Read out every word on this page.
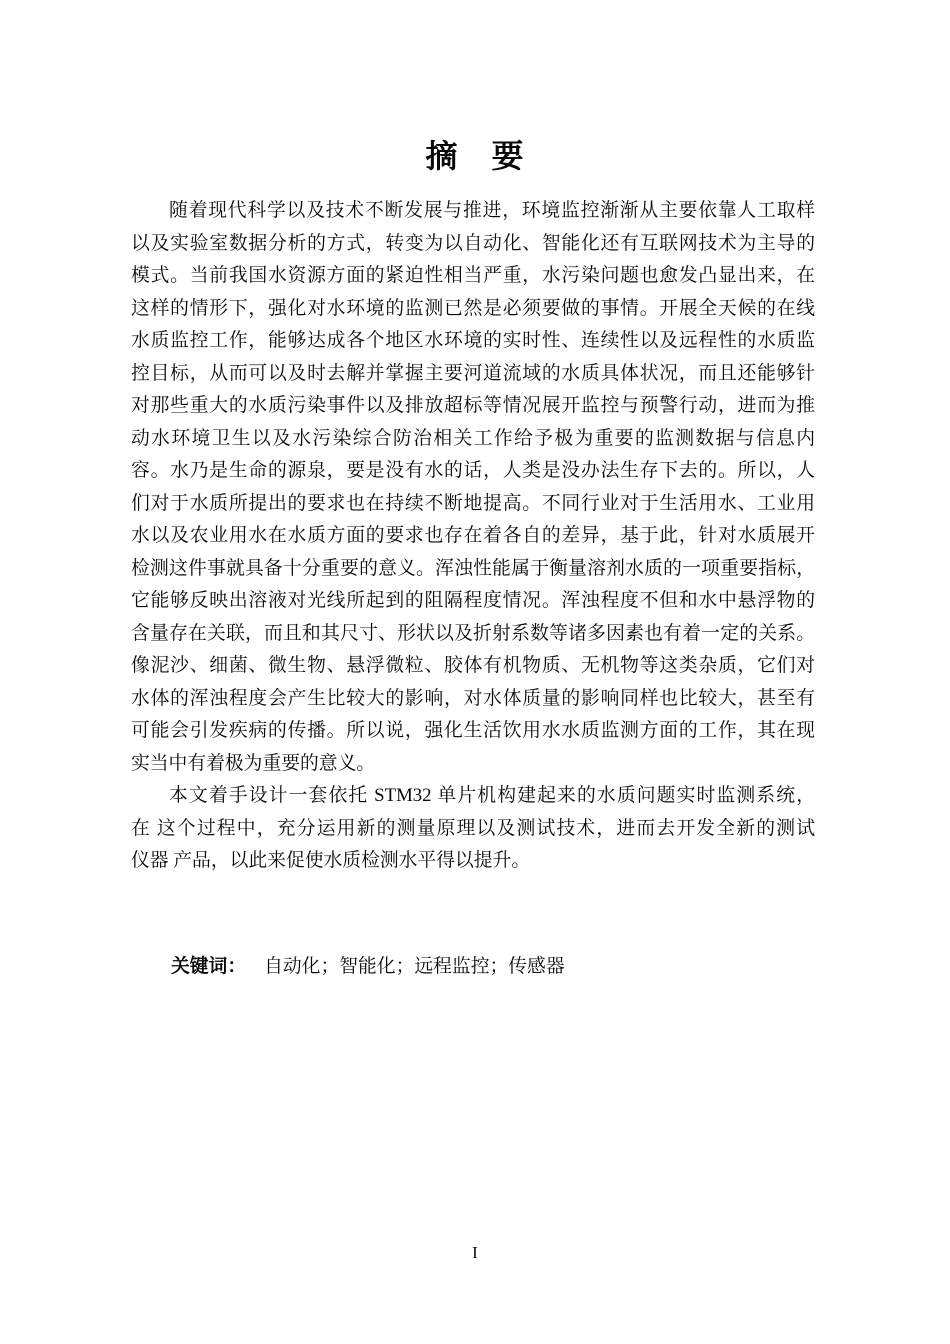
摘　要
随着现代科学以及技术不断发展与推进，环境监控渐渐从主要依靠人工取样
以及实验室数据分析的方式，转变为以自动化、智能化还有互联网技术为主导的
模式。当前我国水资源方面的紧迫性相当严重，水污染问题也愈发凸显出来，在
这样的情形下，强化对水环境的监测已然是必须要做的事情。开展全天候的在线
水质监控工作，能够达成各个地区水环境的实时性、连续性以及远程性的水质监
控目标，从而可以及时去解并掌握主要河道流域的水质具体状况，而且还能够针
对那些重大的水质污染事件以及排放超标等情况展开监控与预警行动，进而为推
动水环境卫生以及水污染综合防治相关工作给予极为重要的监测数据与信息内
容。水乃是生命的源泉，要是没有水的话，人类是没办法生存下去的。所以，人
们对于水质所提出的要求也在持续不断地提高。不同行业对于生活用水、工业用
水以及农业用水在水质方面的要求也存在着各自的差异，基于此，针对水质展开
检测这件事就具备十分重要的意义。浑浊性能属于衡量溶剂水质的一项重要指标，
它能够反映出溶液对光线所起到的阻隔程度情况。浑浊程度不但和水中悬浮物的
含量存在关联，而且和其尺寸、形状以及折射系数等诸多因素也有着一定的关系。
像泥沙、细菌、微生物、悬浮微粒、胶体有机物质、无机物等这类杂质，它们对
水体的浑浊程度会产生比较大的影响，对水体质量的影响同样也比较大，甚至有
可能会引发疾病的传播。所以说，强化生活饮用水水质监测方面的工作，其在现
实当中有着极为重要的意义。
本文着手设计一套依托 STM32 单片机构建起来的水质问题实时监测系统，
在 这个过程中，充分运用新的测量原理以及测试技术，进而去开发全新的测试
仪器 产品，以此来促使水质检测水平得以提升。
关键词： 自动化；智能化；远程监控；传感器
I
